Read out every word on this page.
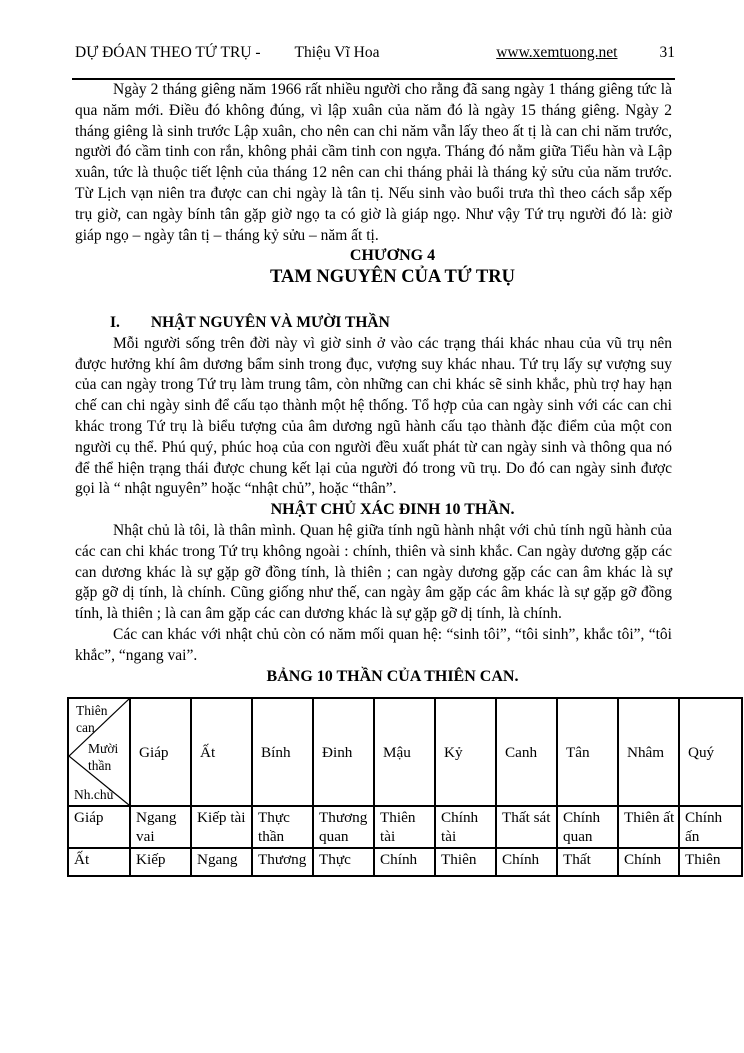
DỰ ĐÓAN THEO TỨ TRỤ - Thiệu Vĩ Hoa	www.xemtuong.net	31

Ngày 2 tháng giêng năm 1966 rất nhiều người cho rằng đã sang ngày 1 tháng giêng tức là qua năm mới. Điều đó không đúng, vì lập xuân của năm đó là ngày 15 tháng giêng. Ngày 2 tháng giêng là sinh trước Lập xuân, cho nên can chi năm vẫn lấy theo ất tị là can chi năm trước, người đó cầm tinh con rắn, không phải cầm tinh con ngựa. Tháng đó nằm giữa Tiểu hàn và Lập xuân, tức là thuộc tiết lệnh của tháng 12 nên can chi tháng phải là tháng kỷ sửu của năm trước. Từ Lịch vạn niên tra được can chi ngày là tân tị. Nếu sinh vào buổi trưa thì theo cách sắp xếp trụ giờ, can ngày bính tân gặp giờ ngọ ta có giờ là giáp ngọ. Như vậy Tứ trụ người đó là: giờ giáp ngọ – ngày tân tị – tháng kỷ sửu – năm ất tị.

CHƯƠNG 4

TAM NGUYÊN CỦA TỨ TRỤ

I. NHẬT NGUYÊN VÀ MƯỜI THẦN

Mỗi người sống trên đời này vì giờ sinh ở vào các trạng thái khác nhau của vũ trụ nên được hưởng khí âm dương bẩm sinh trong đục, vượng suy khác nhau. Tứ trụ lấy sự vượng suy của can ngày trong Tứ trụ làm trung tâm, còn những can chi khác sẽ sinh khắc, phù trợ hay hạn chế can chi ngày sinh để cấu tạo thành một hệ thống. Tổ hợp của can ngày sinh với các can chi khác trong Tứ trụ là biểu tượng của âm dương ngũ hành cấu tạo thành đặc điểm của một con người cụ thể. Phú quý, phúc hoạ của con người đều xuất phát từ can ngày sinh và thông qua nó để thể hiện trạng thái được chung kết lại của người đó trong vũ trụ. Do đó can ngày sinh được gọi là “ nhật nguyên” hoặc “nhật chủ”, hoặc “thân”.

NHẬT CHỦ XÁC ĐINH 10 THẦN.

Nhật chủ là tôi, là thân mình. Quan hệ giữa tính ngũ hành nhật với chủ tính ngũ hành của các can chi khác trong Tứ trụ không ngoài : chính, thiên và sinh khắc. Can ngày dương gặp các can dương khác là sự gặp gỡ đồng tính, là thiên ; can ngày dương gặp các can âm khác là sự gặp gỡ dị tính, là chính. Cũng giống như thế, can ngày âm gặp các âm khác là sự gặp gỡ đồng tính, là thiên ; là can âm gặp các can dương khác là sự gặp gỡ dị tính, là chính.

Các can khác với nhật chủ còn có năm mối quan hệ: “sinh tôi”, “tôi sinh”, khắc tôi”, “tôi khắc”, “ngang vai”.

BẢNG 10 THẦN CỦA THIÊN CAN.

Thiên can
Mười thần
Nh.chủ	Giáp	Ất	Bính	Đinh	Mậu	Kỷ	Canh	Tân	Nhâm	Quý
Giáp	Ngang vai	Kiếp tài	Thực thần	Thương quan	Thiên tài	Chính tài	Thất sát	Chính quan	Thiên ất	Chính ấn
Ất	Kiếp	Ngang	Thương	Thực	Chính	Thiên	Chính	Thất	Chính	Thiên
